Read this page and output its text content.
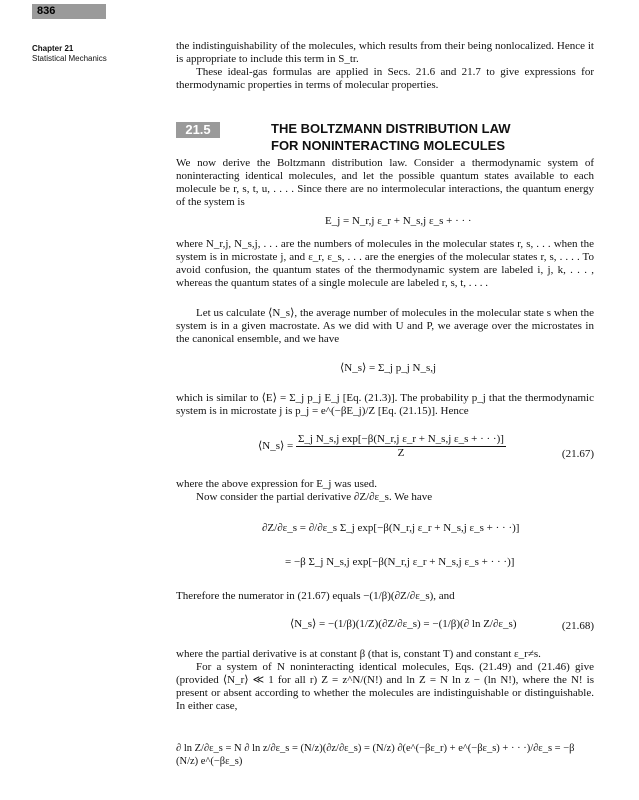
836
Chapter 21
Statistical Mechanics

the indistinguishability of the molecules, which results from their being nonlocalized. Hence it is appropriate to include this term in S_tr.

These ideal-gas formulas are applied in Secs. 21.6 and 21.7 to give expressions for thermodynamic properties in terms of molecular properties.

21.5	THE BOLTZMANN DISTRIBUTION LAW
FOR NONINTERACTING MOLECULES

We now derive the Boltzmann distribution law. Consider a thermodynamic system of noninteracting identical molecules, and let the possible quantum states available to each molecule be r, s, t, u, . . . . Since there are no intermolecular interactions, the quantum energy of the system is

E_j = N_r,j ε_r + N_s,j ε_s + · · ·

where N_r,j, N_s,j, . . . are the numbers of molecules in the molecular states r, s, . . . when the system is in microstate j, and ε_r, ε_s, . . . are the energies of the molecular states r, s, . . . . To avoid confusion, the quantum states of the thermodynamic system are labeled i, j, k, . . . , whereas the quantum states of a single molecule are labeled r, s, t, . . . .

Let us calculate ⟨N_s⟩, the average number of molecules in the molecular state s when the system is in a given macrostate. As we did with U and P, we average over the microstates in the canonical ensemble, and we have

⟨N_s⟩ = Σ_j p_j N_s,j

which is similar to ⟨E⟩ = Σ_j p_j E_j [Eq. (21.3)]. The probability p_j that the thermodynamic system is in microstate j is p_j = e^(−βE_j)/Z [Eq. (21.15)]. Hence

⟨N_s⟩ = $\frac{\text{Σ\_j N\_s,j exp[−β(N\_r,j ε\_r + N\_s,j ε\_s + · · ·)]}}{Z}$	(21.67)

where the above expression for E_j was used.

Now consider the partial derivative ∂Z/∂ε_s. We have

∂Z/∂ε_s = ∂/∂ε_s Σ_j exp[−β(N_r,j ε_r + N_s,j ε_s + · · ·)]
= −β Σ_j N_s,j exp[−β(N_r,j ε_r + N_s,j ε_s + · · ·)]

Therefore the numerator in (21.67) equals −(1/β)(∂Z/∂ε_s), and

⟨N_s⟩ = −(1/β)(1/Z)(∂Z/∂ε_s) = −(1/β)(∂ ln Z/∂ε_s)	(21.68)

where the partial derivative is at constant β (that is, constant T) and constant ε_r≠s.

For a system of N noninteracting identical molecules, Eqs. (21.49) and (21.46) give (provided ⟨N_r⟩ ≪ 1 for all r) Z = z^N/(N!) and ln Z = N ln z − (ln N!), where the N! is present or absent according to whether the molecules are indistinguishable or distinguishable. In either case,

∂ ln Z/∂ε_s = N ∂ ln z/∂ε_s = (N/z)(∂z/∂ε_s) = (N/z) ∂(e^(−βε_r) + e^(−βε_s) + · · ·)/∂ε_s = −β (N/z) e^(−βε_s)
